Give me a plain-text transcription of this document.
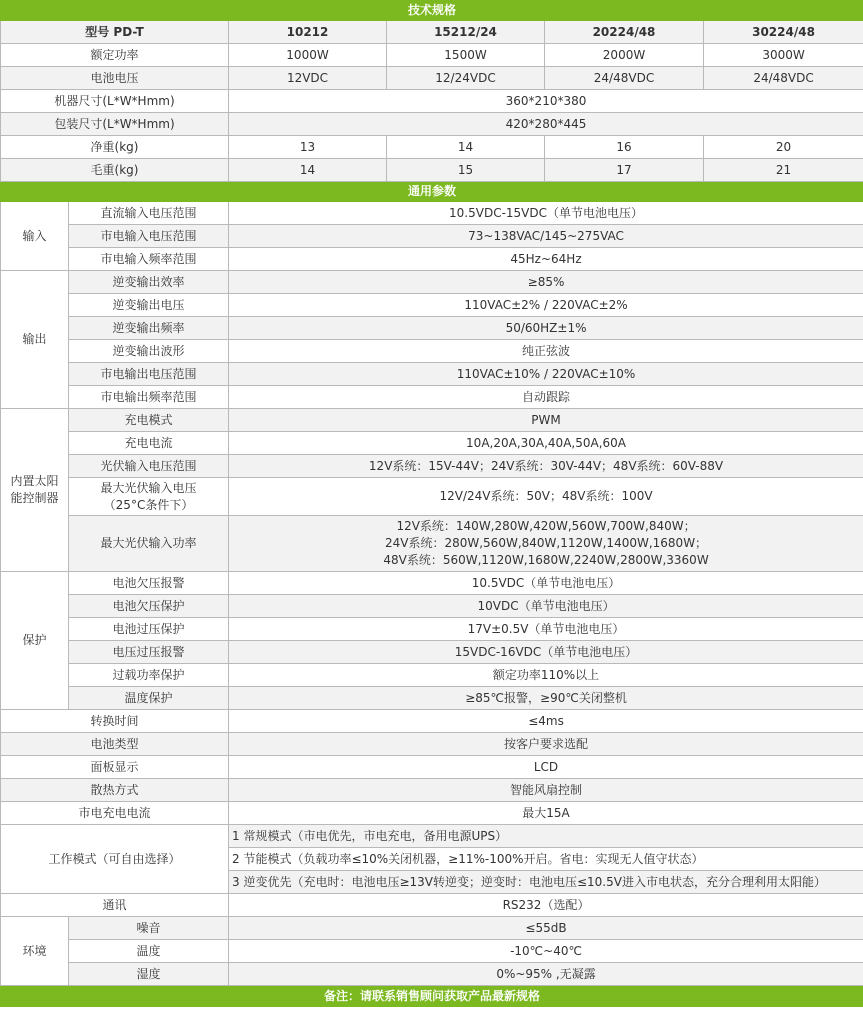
技术规格					
型号 PD-T		10212	15212/24	20224/48	30224/48
额定功率		1000W	1500W	2000W	3000W
电池电压		12VDC	12/24VDC	24/48VDC	24/48VDC
机器尺寸(L*W*Hmm)		360*210*380			
包装尺寸(L*W*Hmm)		420*280*445			
净重(kg)		13	14	16	20
毛重(kg)		14	15	17	21
通用参数					
输入	直流输入电压范围	10.5VDC-15VDC（单节电池电压）			
	市电输入电压范围	73~138VAC/145~275VAC			
	市电输入频率范围	45Hz~64Hz			
输出	逆变输出效率	≥85%			
	逆变输出电压	110VAC±2% / 220VAC±2%			
	逆变输出频率	50/60HZ±1%			
	逆变输出波形	纯正弦波			
	市电输出电压范围	110VAC±10% / 220VAC±10%			
	市电输出频率范围	自动跟踪			
内置太阳
能控制器	充电模式	PWM			
	充电电流	10A,20A,30A,40A,50A,60A			
	光伏输入电压范围	12V系统：15V-44V；24V系统：30V-44V；48V系统：60V-88V			
	最大光伏输入电压
（25°C条件下）	12V/24V系统：50V；48V系统：100V			
	最大光伏输入功率	12V系统：140W,280W,420W,560W,700W,840W；
24V系统：280W,560W,840W,1120W,1400W,1680W；
48V系统：560W,1120W,1680W,2240W,2800W,3360W			
保护	电池欠压报警	10.5VDC（单节电池电压）			
	电池欠压保护	10VDC（单节电池电压）			
	电池过压保护	17V±0.5V（单节电池电压）			
	电压过压报警	15VDC-16VDC（单节电池电压）			
	过载功率保护	额定功率110%以上			
	温度保护	≥85℃报警，≥90℃关闭整机			
转换时间		≤4ms			
电池类型		按客户要求选配			
面板显示		LCD			
散热方式		智能风扇控制			
市电充电电流		最大15A			
工作模式（可自由选择）		1 常规模式（市电优先，市电充电，备用电源UPS）			
		2 节能模式（负载功率≤10%关闭机器，≥11%-100%开启。省电：实现无人值守状态）			
		3 逆变优先（充电时：电池电压≥13V转逆变；逆变时：电池电压≤10.5V进入市电状态，充分合理利用太阳能）			
通讯		RS232（选配）			
环境	噪音	≤55dB			
	温度	-10℃~40℃			
	湿度	0%~95% ,无凝露			
备注：请联系销售顾问获取产品最新规格					
